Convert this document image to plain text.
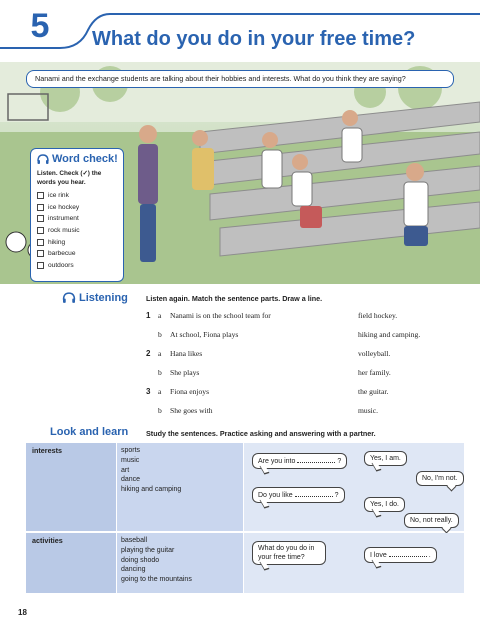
5	What do you do in your free time?
Nanami and the exchange students are talking about their hobbies and interests. What do you think they are saying?
Word check!
Listen. Check (✓) the
words you hear.
ice rink
ice hockey
instrument
rock music
hiking
barbecue
outdoors
Listening	Listen again. Match the sentence parts. Draw a line.
1 a Nanami is on the school team for	field hockey.
b At school, Fiona plays	hiking and camping.
2 a Hana likes	volleyball.
b She plays	her family.
3 a Fiona enjoys	the guitar.
b She goes with	music.
Look and learn Study the sentences. Practice asking and answering with a partner.
interests	sports
music
art
dance
hiking and camping
Are you into	?	Yes, I am.
No, I'm not.
Do you like	?
Yes, I do.
No, not really.
activities	baseball
playing the guitar
doing shodo
dancing
going to the mountains
What do you do in
your free time?	I love	.
18
